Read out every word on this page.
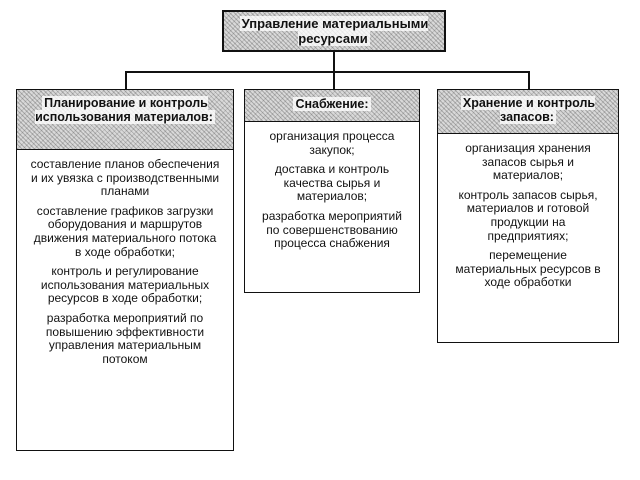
Управление материальными ресурсами
Планирование и контроль использования материалов:
составление планов обеспечения и их увязка с производственными планами
составление графиков загрузки оборудования и маршрутов движения материального потока в ходе обработки;
контроль и регулирование использования материальных ресурсов в ходе обработки;
разработка мероприятий по повышению эффективности управления материальным потоком
Снабжение:
организация процесса закупок;
доставка и контроль качества сырья и материалов;
разработка мероприятий по совершенствованию процесса снабжения
Хранение и контроль запасов:
организация хранения запасов сырья и материалов;
контроль запасов сырья, материалов и готовой продукции на предприятиях;
перемещение материальных ресурсов в ходе обработки
